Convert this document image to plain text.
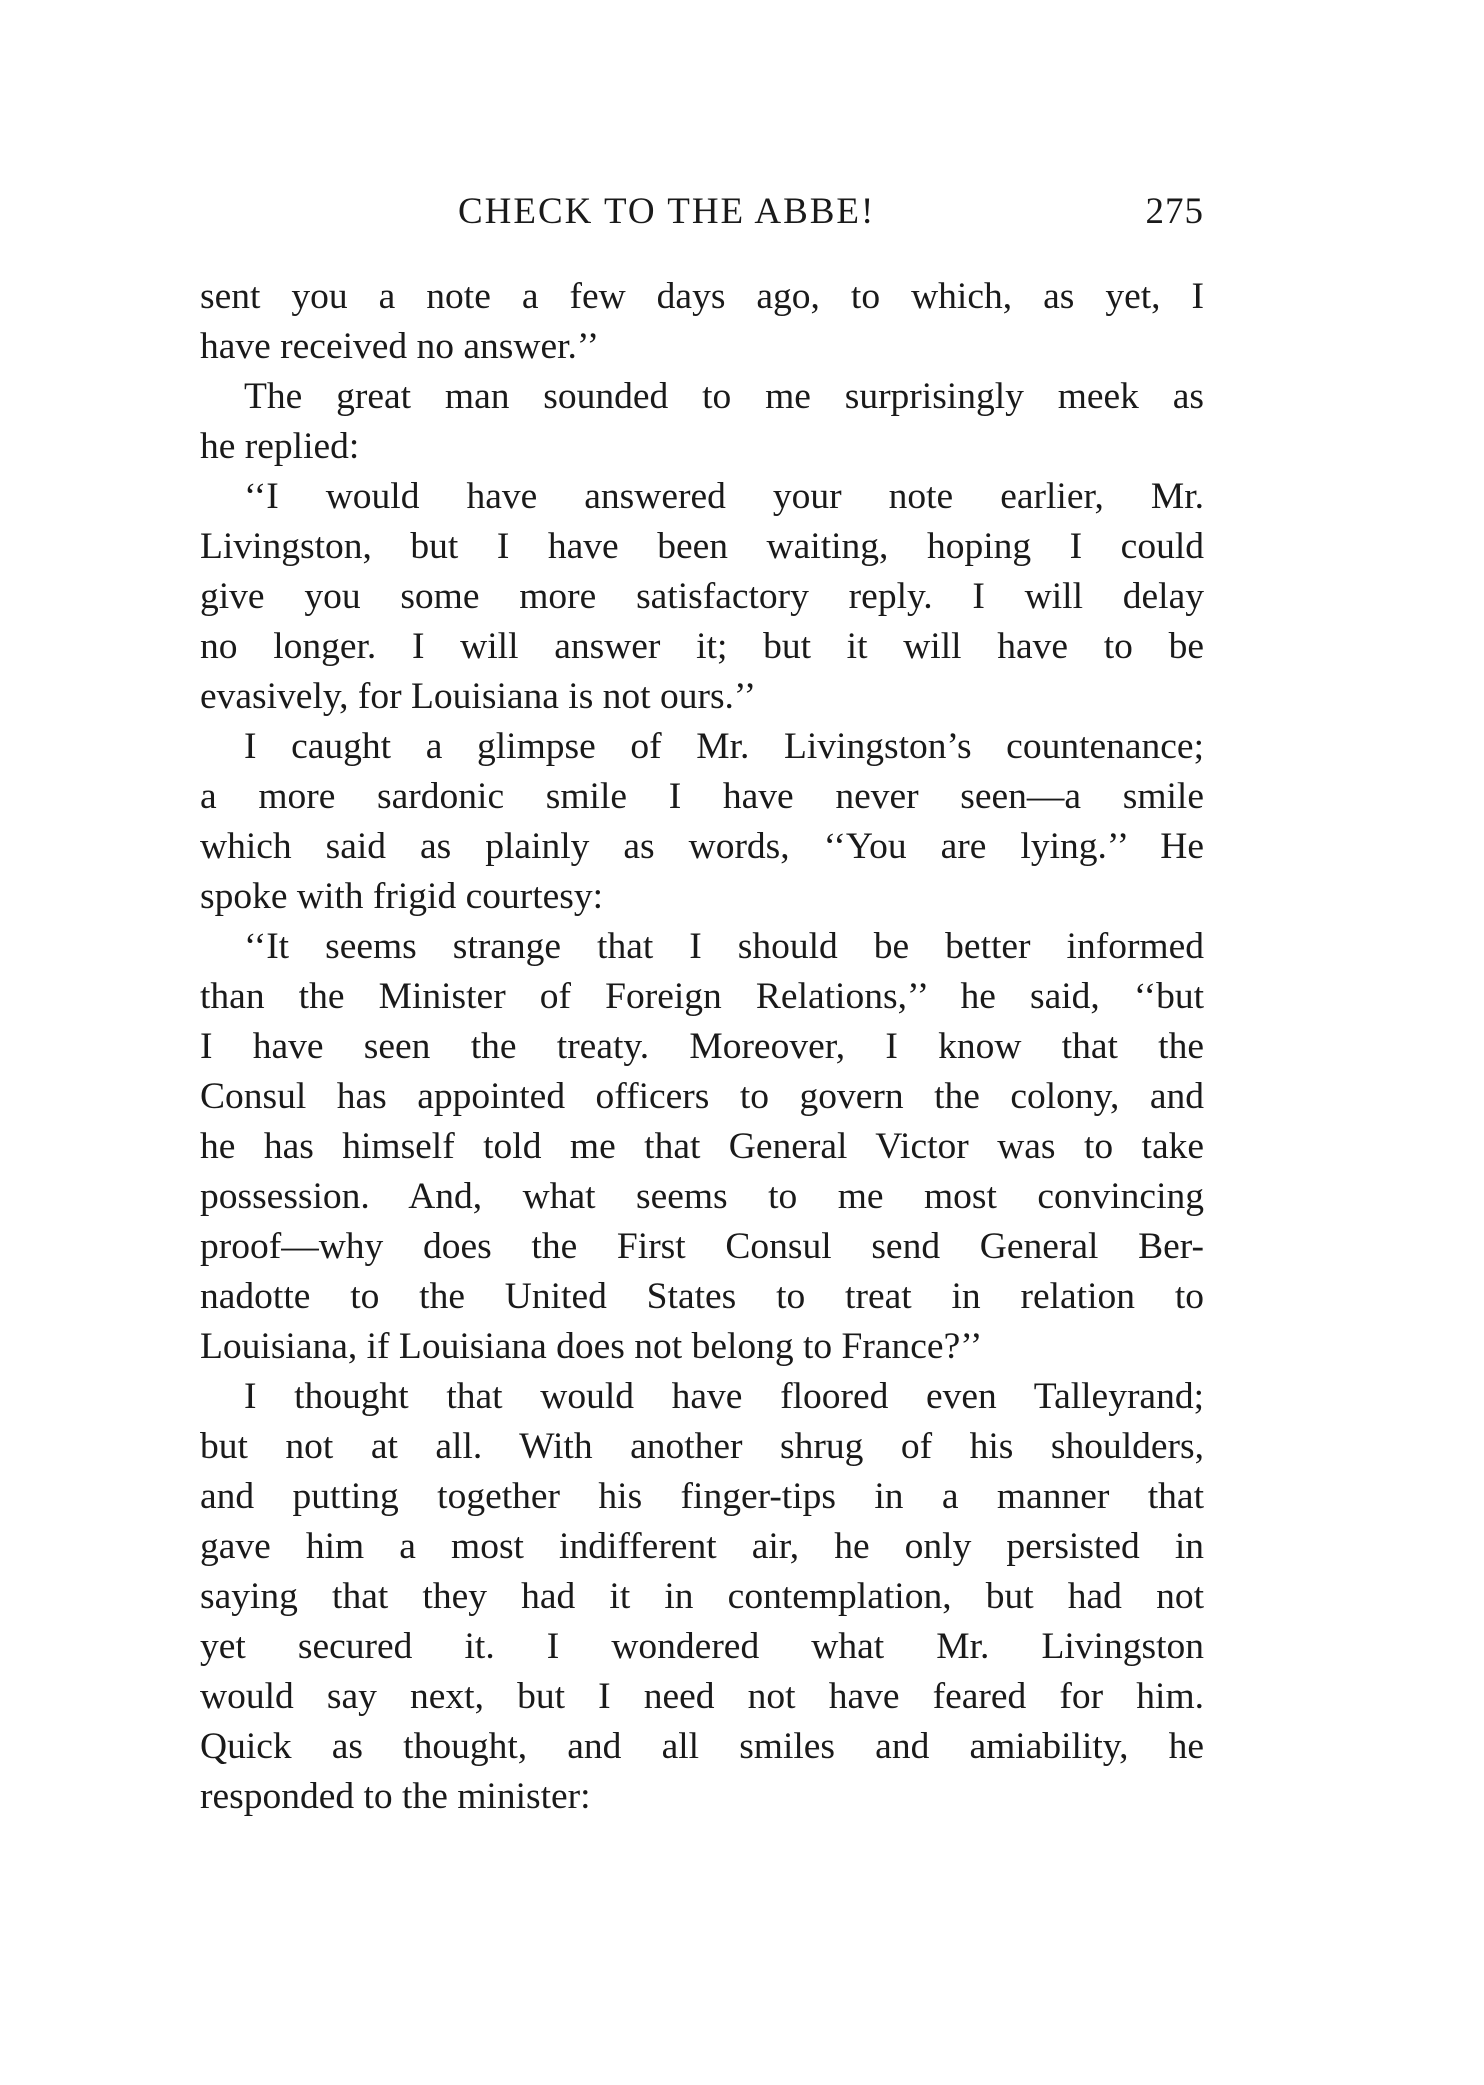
CHECK TO THE ABBE!	275
sent you a note a few days ago, to which, as yet, I
have received no answer.’’
The great man sounded to me surprisingly meek as
he replied:
‘‘I would have answered your note earlier, Mr.
Livingston, but I have been waiting, hoping I could
give you some more satisfactory reply. I will delay
no longer. I will answer it; but it will have to be
evasively, for Louisiana is not ours.’’
I caught a glimpse of Mr. Livingston’s countenance;
a more sardonic smile I have never seen—a smile
which said as plainly as words, ‘‘You are lying.’’ He
spoke with frigid courtesy:
‘‘It seems strange that I should be better informed
than the Minister of Foreign Relations,’’ he said, ‘‘but
I have seen the treaty. Moreover, I know that the
Consul has appointed officers to govern the colony, and
he has himself told me that General Victor was to take
possession. And, what seems to me most convincing
proof—why does the First Consul send General Ber-
nadotte to the United States to treat in relation to
Louisiana, if Louisiana does not belong to France?’’
I thought that would have floored even Talleyrand;
but not at all. With another shrug of his shoulders,
and putting together his finger-tips in a manner that
gave him a most indifferent air, he only persisted in
saying that they had it in contemplation, but had not
yet secured it. I wondered what Mr. Livingston
would say next, but I need not have feared for him.
Quick as thought, and all smiles and amiability, he
responded to the minister:
